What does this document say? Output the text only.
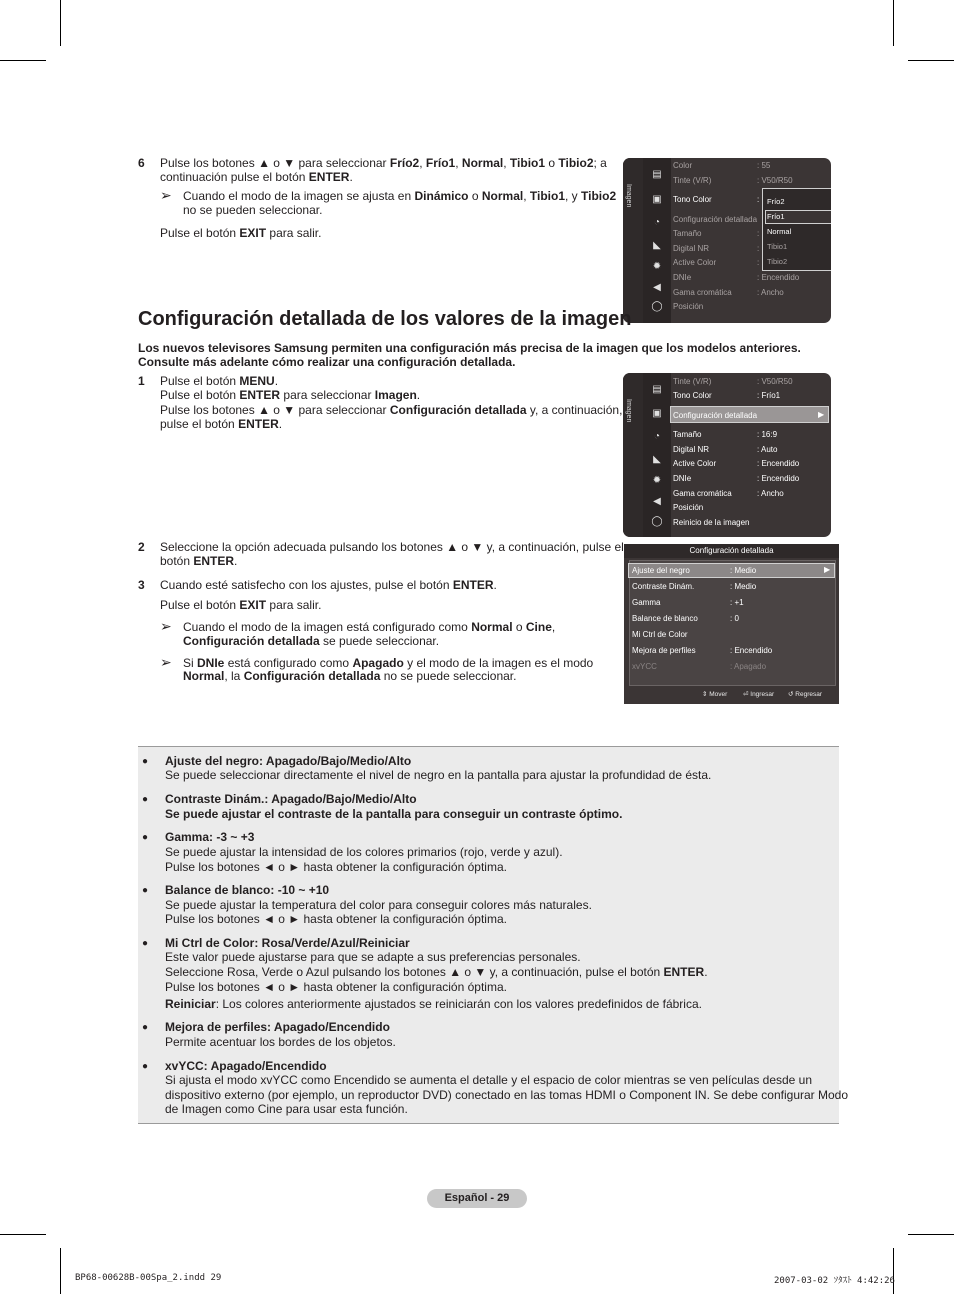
6 Pulse los botones ▲ o ▼ para seleccionar Frío2, Frío1, Normal, Tibio1 o Tibio2; a
continuación pulse el botón ENTER.
➢ Cuando el modo de la imagen se ajusta en Dinámico o Normal, Tibio1, y Tibio2
no se pueden seleccionar.
Pulse el botón EXIT para salir.
Imagen
▤
▣
◔
◣
✹
◀
◯
Color	: 55
Tinte (V/R)	: V50/R50
Tono Color	:
Configuración detallada
Tamaño	:
Digital NR	:
Active Color	:
DNIe	: Encendido
Gama cromática	: Ancho
Posición
Frío2
Frío1
Normal
Tibio1
Tibio2
Configuración detallada de los valores de la imagen
Los nuevos televisores Samsung permiten una configuración más precisa de la imagen que los modelos anteriores.
Consulte más adelante cómo realizar una configuración detallada.
1 Pulse el botón MENU.
Pulse el botón ENTER para seleccionar Imagen.
Pulse los botones ▲ o ▼ para seleccionar Configuración detallada y, a continuación,
pulse el botón ENTER.
Imagen
▤
▣
◔
◣
✹
◀
◯
Tinte (V/R)	: V50/R50
Tono Color	: Frío1
Configuración detallada	▶
Tamaño	: 16:9
Digital NR	: Auto
Active Color	: Encendido
DNIe	: Encendido
Gama cromática	: Ancho
Posición
Reinicio de la imagen
2 Seleccione la opción adecuada pulsando los botones ▲ o ▼ y, a continuación, pulse el
botón ENTER.
3 Cuando esté satisfecho con los ajustes, pulse el botón ENTER.
Pulse el botón EXIT para salir.
➢ Cuando el modo de la imagen está configurado como Normal o Cine,
Configuración detallada se puede seleccionar.
➢ Si DNIe está configurado como Apagado y el modo de la imagen es el modo
Normal, la Configuración detallada no se puede seleccionar.
Configuración detallada
Ajuste del negro	: Medio	▶
Contraste Dinám.	: Medio
Gamma	: +1
Balance de blanco	: 0
Mi Ctrl de Color
Mejora de perfiles	: Encendido
xvYCC	: Apagado
⇕ Mover ⏎ Ingresar ↺ Regresar
● Ajuste del negro: Apagado/Bajo/Medio/Alto
Se puede seleccionar directamente el nivel de negro en la pantalla para ajustar la profundidad de ésta.
● Contraste Dinám.: Apagado/Bajo/Medio/Alto
Se puede ajustar el contraste de la pantalla para conseguir un contraste óptimo.
● Gamma: -3 ~ +3
Se puede ajustar la intensidad de los colores primarios (rojo, verde y azul).
Pulse los botones ◄ o ► hasta obtener la configuración óptima.
● Balance de blanco: -10 ~ +10
Se puede ajustar la temperatura del color para conseguir colores más naturales.
Pulse los botones ◄ o ► hasta obtener la configuración óptima.
● Mi Ctrl de Color: Rosa/Verde/Azul/Reiniciar
Este valor puede ajustarse para que se adapte a sus preferencias personales.
Seleccione Rosa, Verde o Azul pulsando los botones ▲ o ▼ y, a continuación, pulse el botón ENTER.
Pulse los botones ◄ o ► hasta obtener la configuración óptima.
Reiniciar: Los colores anteriormente ajustados se reiniciarán con los valores predefinidos de fábrica.
● Mejora de perfiles: Apagado/Encendido
Permite acentuar los bordes de los objetos.
● xvYCC: Apagado/Encendido
Si ajusta el modo xvYCC como Encendido se aumenta el detalle y el espacio de color mientras se ven películas desde un
dispositivo externo (por ejemplo, un reproductor DVD) conectado en las tomas HDMI o Component IN. Se debe configurar Modo
de Imagen como Cine para usar esta función.
Español - 29
BP68-00628B-00Spa_2.indd 29	2007-03-02 ｿﾀｽﾄ 4:42:26
